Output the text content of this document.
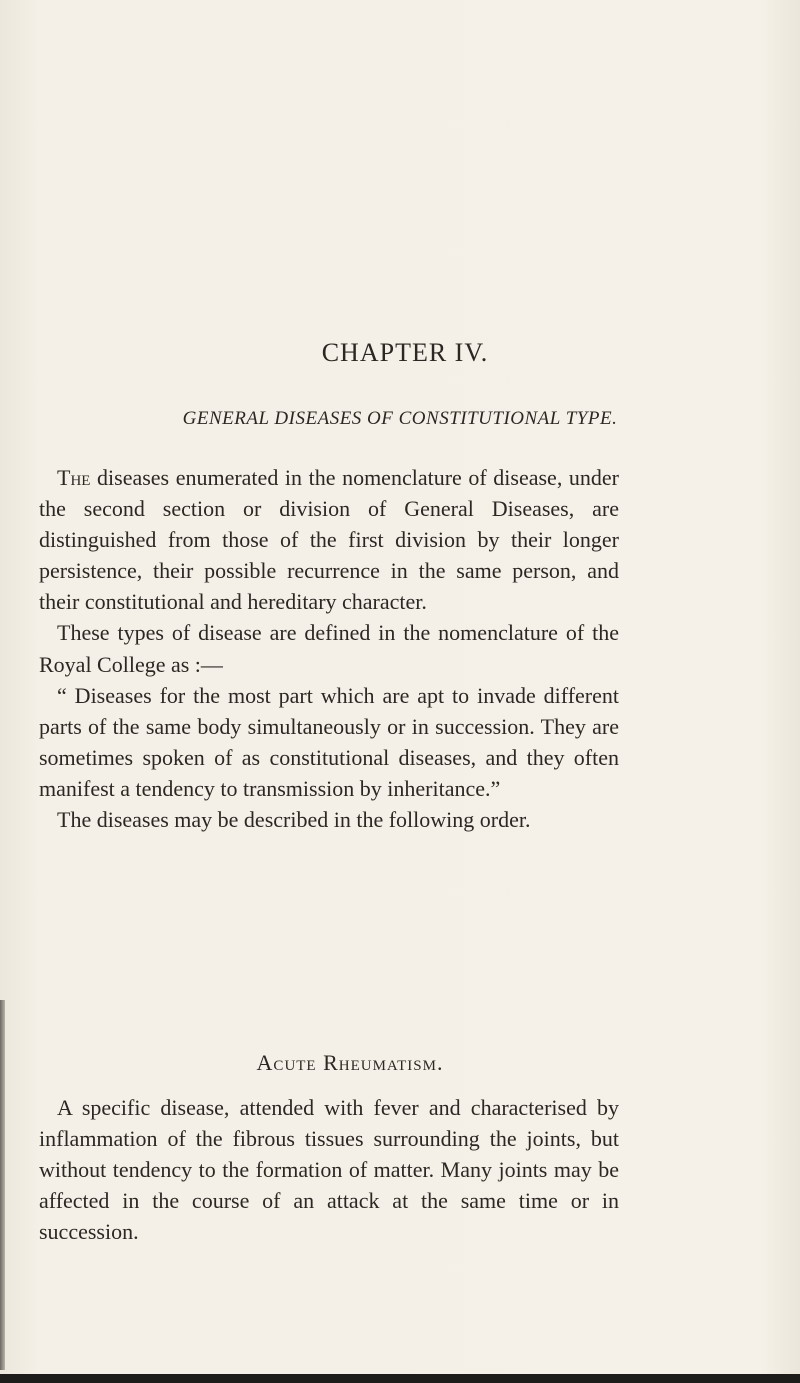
CHAPTER IV.
GENERAL DISEASES OF CONSTITUTIONAL TYPE.

The diseases enumerated in the nomenclature of disease, under the second section or division of General Diseases, are distinguished from those of the first division by their longer persistence, their possible recurrence in the same person, and their constitutional and hereditary character.

These types of disease are defined in the nomenclature of the Royal College as :—

“ Diseases for the most part which are apt to invade different parts of the same body simultaneously or in succession. They are sometimes spoken of as constitutional diseases, and they often manifest a tendency to transmission by inheritance.”

The diseases may be described in the following order.

Acute Rheumatism.

A specific disease, attended with fever and characterised by inflammation of the fibrous tissues surrounding the joints, but without tendency to the formation of matter. Many joints may be affected in the course of an attack at the same time or in succession.
